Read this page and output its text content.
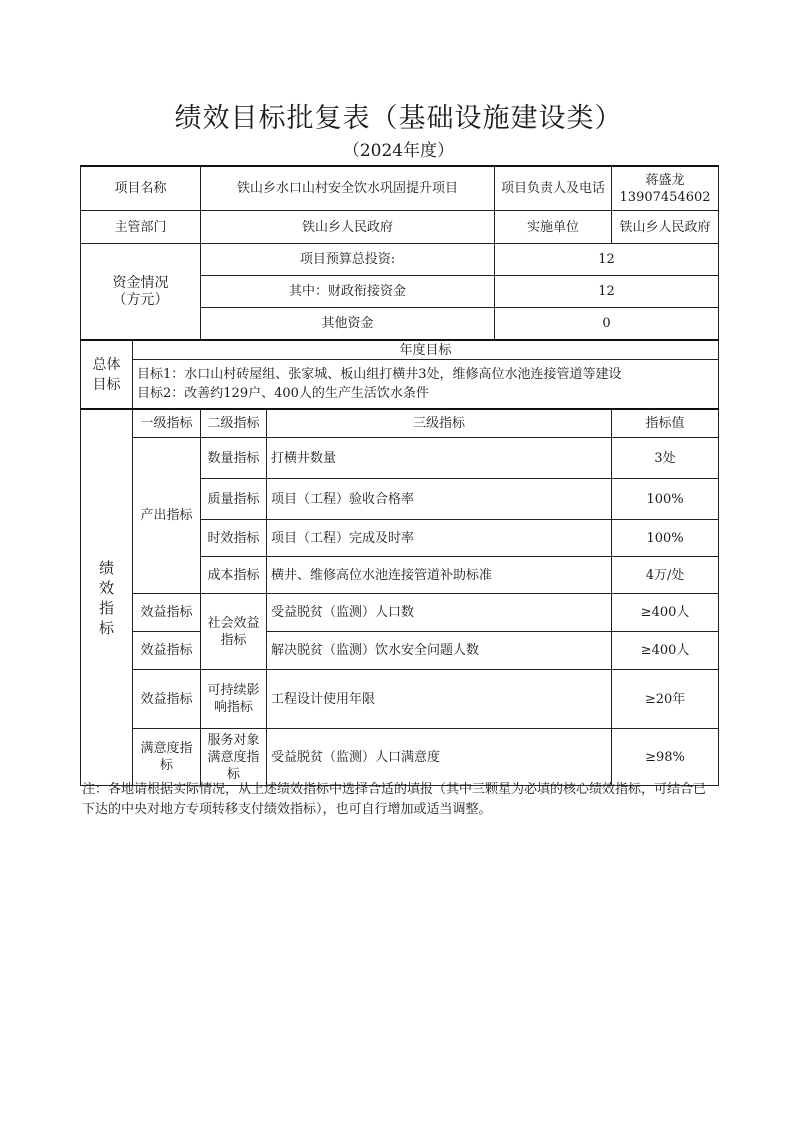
绩效目标批复表（基础设施建设类）
（2024年度）
项目名称		铁山乡水口山村安全饮水巩固提升项目		项目负责人及电话	蒋盛龙13907454602
主管部门		铁山乡人民政府		实施单位	铁山乡人民政府

资金情况
（方元）		项目预算总投资:		12	
		其中：财政衔接资金		12	
		其他资金		0	

总体
目标	年度目标				

	目标1：水口山村砖屋组、张家城、板山组打横井3处，维修高位水池连接管道等建设
目标2：改善约129户、400人的生产生活饮水条件				

绩
效
指
标	一级指标	二级指标	三级指标		指标值
	产出指标	数量指标	打横井数量		3处
		质量指标	项目（工程）验收合格率		100%
		时效指标	项目（工程）完成及时率		100%
		成本指标	横井、维修高位水池连接管道补助标准		4万/处
	效益指标	社会效益
指标	受益脱贫（监测）人口数		≥400人
	效益指标		解决脱贫（监测）饮水安全问题人数		≥400人
	效益指标	可持续影
响指标	工程设计使用年限		≥20年
	满意度指标	服务对象
满意度指
标	受益脱贫（监测）人口满意度		≥98%
注：各地请根据实际情况，从上述绩效指标中选择合适的填报（其中三颗星为必填的核心绩效指标，可结合已下达的中央对地方专项转移支付绩效指标），也可自行增加或适当调整。
